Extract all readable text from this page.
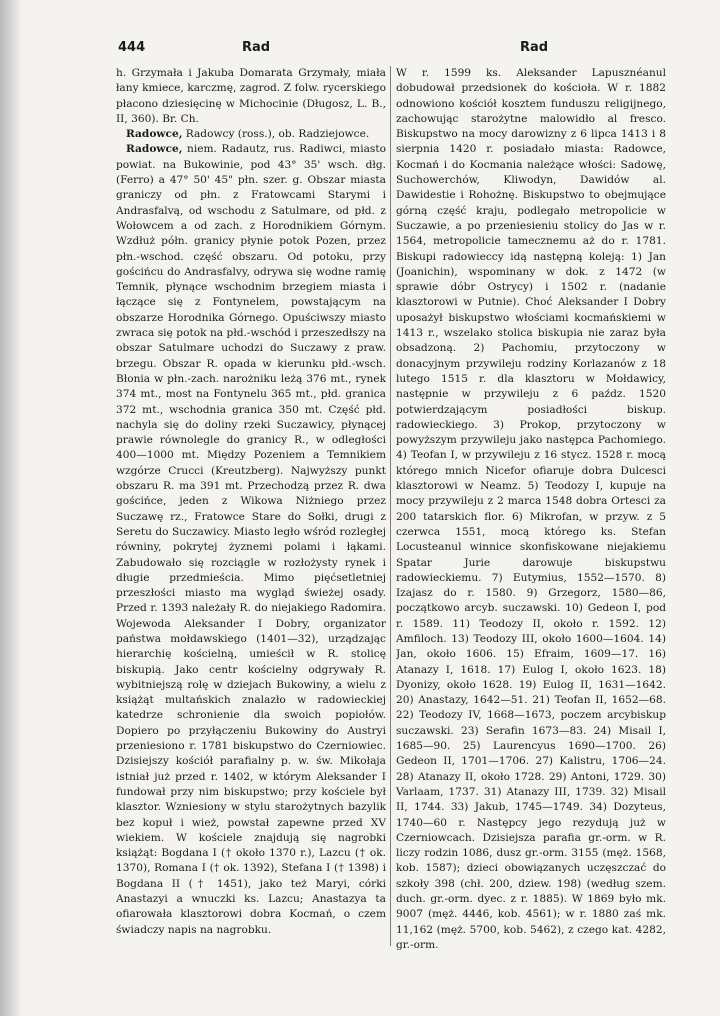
444	Rad	Rad

h. Grzymała i Jakuba Domarata Grzymały, miała łany kmiece, karczmę, zagrod. Z folw. rycerskiego płacono dziesięcinę w Michocinie (Długosz, L. B., II, 360). Br. Ch.

Radowce, Radowcy (ross.), ob. Radziejowce.

Radowce, niem. Radautz, rus. Radiwci, miasto powiat. na Bukowinie, pod 43° 35' wsch. dłg. (Ferro) a 47° 50' 45" płn. szer. g. Obszar miasta graniczy od płn. z Fratowcami Starymi i Andrasfalvą, od wschodu z Satulmare, od płd. z Wołowcem a od zach. z Horodnikiem Górnym. Wzdłuż półn. granicy płynie potok Pozen, przez płn.-wschod. część obszaru. Od potoku, przy gościńcu do Andrasfalvy, odrywa się wodne ramię Temnik, płynące wschodnim brzegiem miasta i łączące się z Fontynelem, powstającym na obszarze Horodnika Górnego. Opuściwszy miasto zwraca się potok na płd.-wschód i przeszedłszy na obszar Satulmare uchodzi do Suczawy z praw. brzegu. Obszar R. opada w kierunku płd.-wsch. Błonia w płn.-zach. narożniku leżą 376 mt., rynek 374 mt., most na Fontynelu 365 mt., płd. granica 372 mt., wschodnia granica 350 mt. Część płd. nachyla się do doliny rzeki Suczawicy, płynącej prawie równolegle do granicy R., w odległości 400—1000 mt. Między Pozeniem a Temnikiem wzgórze Crucci (Kreutzberg). Najwyższy punkt obszaru R. ma 391 mt. Przechodzą przez R. dwa gościńce, jeden z Wikowa Niżniego przez Suczawę rz., Fratowce Stare do Sołki, drugi z Seretu do Suczawicy. Miasto legło wśród rozległej równiny, pokrytej żyznemi polami i łąkami. Zabudowało się rozciągle w rozłożysty rynek i długie przedmieścia. Mimo pięćsetletniej przeszłości miasto ma wygląd świeżej osady. Przed r. 1393 należały R. do niejakiego Radomira. Wojewoda Aleksander I Dobry, organizator państwa mołdawskiego (1401—32), urządzając hierarchię kościelną, umieścił w R. stolicę biskupią. Jako centr kościelny odgrywały R. wybitniejszą rolę w dziejach Bukowiny, a wielu z książąt multańskich znalazło w radowieckiej katedrze schronienie dla swoich popiołów. Dopiero po przyłączeniu Bukowiny do Austryi przeniesiono r. 1781 biskupstwo do Czerniowiec. Dzisiejszy kościół parafialny p. w. św. Mikołaja istniał już przed r. 1402, w którym Aleksander I fundował przy nim biskupstwo; przy kościele był klasztor. Wzniesiony w stylu starożytnych bazylik bez kopuł i wież, powstał zapewne przed XV wiekiem. W kościele znajdują się nagrobki książąt: Bogdana I († około 1370 r.), Lazcu († ok. 1370), Romana I († ok. 1392), Stefana I († 1398) i Bogdana II († 1451), jako też Maryi, córki Anastazyi a wnuczki ks. Lazcu; Anastazya ta ofiarowała klasztorowi dobra Kocmań, o czem świadczy napis na nagrobku.

W r. 1599 ks. Aleksander Lapusznéanul dobudował przedsionek do kościoła. W r. 1882 odnowiono kościół kosztem funduszu religijnego, zachowując starożytne malowidło al fresco. Biskupstwo na mocy darowizny z 6 lipca 1413 i 8 sierpnia 1420 r. posiadało miasta: Radowce, Kocmań i do Kocmania należące włości: Sadowę, Suchowerchów, Kliwodyn, Dawidów al. Dawidestie i Rohożnę. Biskupstwo to obejmujące górną część kraju, podlegało metropolicie w Suczawie, a po przeniesieniu stolicy do Jas w r. 1564, metropolicie tamecznemu aż do r. 1781. Biskupi radowieccy idą następną koleją: 1) Jan (Joanichin), wspominany w dok. z 1472 (w sprawie dóbr Ostrycy) i 1502 r. (nadanie klasztorowi w Putnie). Choć Aleksander I Dobry uposażył biskupstwo włościami kocmańskiemi w 1413 r., wszelako stolica biskupia nie zaraz była obsadzoną. 2) Pachomiu, przytoczony w donacyjnym przywileju rodziny Korlazanów z 18 lutego 1515 r. dla klasztoru w Mołdawicy, następnie w przywileju z 6 paźdz. 1520 potwierdzającym posiadłości biskup. radowieckiego. 3) Prokop, przytoczony w powyższym przywileju jako następca Pachomiego. 4) Teofan I, w przywileju z 16 stycz. 1528 r. mocą którego mnich Nicefor ofiaruje dobra Dulcesci klasztorowi w Neamz. 5) Teodozy I, kupuje na mocy przywileju z 2 marca 1548 dobra Ortesci za 200 tatarskich flor. 6) Mikrofan, w przyw. z 5 czerwca 1551, mocą którego ks. Stefan Locusteanul winnice skonfiskowane niejakiemu Spatar Jurie darowuje biskupstwu radowieckiemu. 7) Eutymius, 1552—1570. 8) Izajasz do r. 1580. 9) Grzegorz, 1580—86, początkowo arcyb. suczawski. 10) Gedeon I, pod r. 1589. 11) Teodozy II, około r. 1592. 12) Amfiloch. 13) Teodozy III, około 1600—1604. 14) Jan, około 1606. 15) Efraim, 1609—17. 16) Atanazy I, 1618. 17) Eulog I, około 1623. 18) Dyonizy, około 1628. 19) Eulog II, 1631—1642. 20) Anastazy, 1642—51. 21) Teofan II, 1652—68. 22) Teodozy IV, 1668—1673, poczem arcybiskup suczawski. 23) Serafin 1673—83. 24) Misail I, 1685—90. 25) Laurencyus 1690—1700. 26) Gedeon II, 1701—1706. 27) Kalistru, 1706—24. 28) Atanazy II, około 1728. 29) Antoni, 1729. 30) Varlaam, 1737. 31) Atanazy III, 1739. 32) Misail II, 1744. 33) Jakub, 1745—1749. 34) Dozyteus, 1740—60 r. Następcy jego rezydują już w Czerniowcach. Dzisiejsza parafia gr.-orm. w R. liczy rodzin 1086, dusz gr.-orm. 3155 (męż. 1568, kob. 1587); dzieci obowiązanych uczęszczać do szkoły 398 (chł. 200, dziew. 198) (według szem. duch. gr.-orm. dyec. z r. 1885). W 1869 było mk. 9007 (męż. 4446, kob. 4561); w r. 1880 zaś mk. 11,162 (męż. 5700, kob. 5462), z czego kat. 4282, gr.-orm.
